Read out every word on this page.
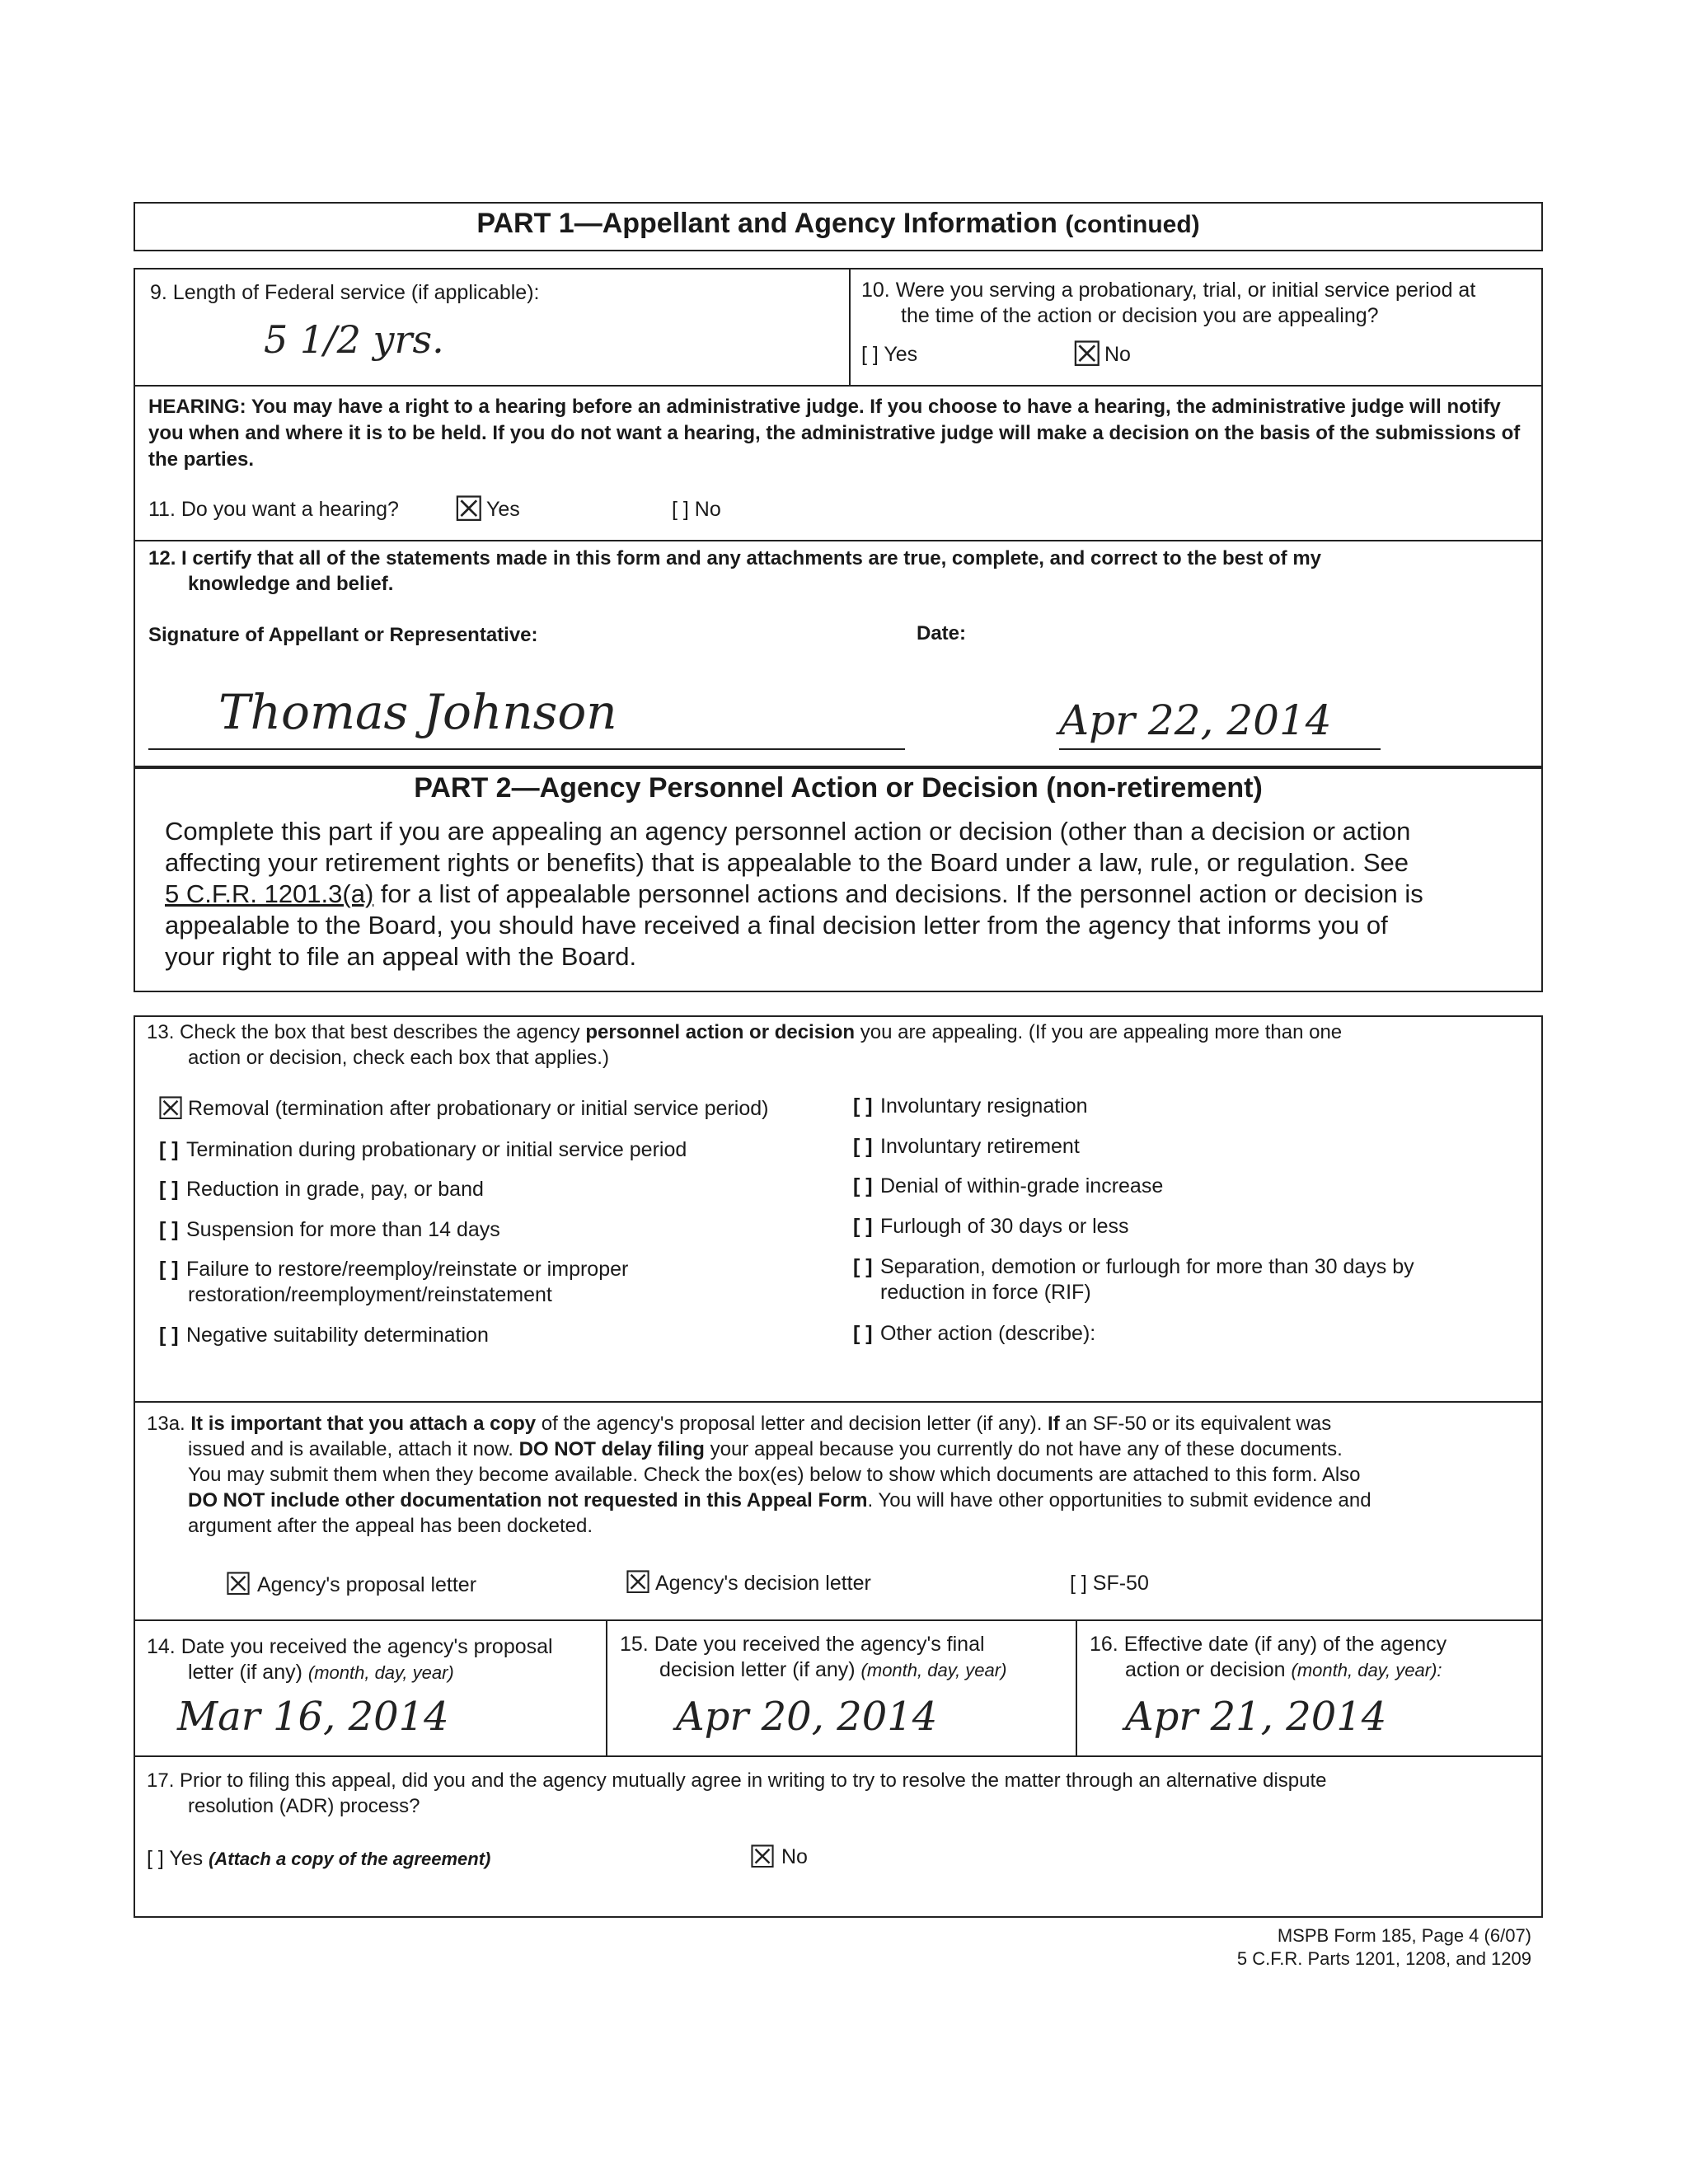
PART 1—Appellant and Agency Information (continued)
9. Length of Federal service (if applicable):
5 1/2 yrs.
10. Were you serving a probationary, trial, or initial service period at
the time of the action or decision you are appealing?
[ ] Yes	☒ No
HEARING: You may have a right to a hearing before an administrative judge. If you choose to have a hearing, the administrative judge will notify you when and where it is to be held. If you do not want a hearing, the administrative judge will make a decision on the basis of the submissions of the parties.
11. Do you want a hearing? ☒ Yes	[ ] No
12. I certify that all of the statements made in this form and any attachments are true, complete, and correct to the best of my
knowledge and belief.
Signature of Appellant or Representative:	Date:
Thomas Johnson	Apr 22, 2014
PART 2—Agency Personnel Action or Decision (non-retirement)
Complete this part if you are appealing an agency personnel action or decision (other than a decision or action
affecting your retirement rights or benefits) that is appealable to the Board under a law, rule, or regulation. See
5 C.F.R. 1201.3(a) for a list of appealable personnel actions and decisions. If the personnel action or decision is
appealable to the Board, you should have received a final decision letter from the agency that informs you of
your right to file an appeal with the Board.
13. Check the box that best describes the agency personnel action or decision you are appealing. (If you are appealing more than one
action or decision, check each box that applies.)
☒ Removal (termination after probationary or initial service period)
[ ] Termination during probationary or initial service period
[ ] Reduction in grade, pay, or band
[ ] Suspension for more than 14 days
[ ] Failure to restore/reemploy/reinstate or improper
restoration/reemployment/reinstatement
[ ] Negative suitability determination
[ ] Involuntary resignation
[ ] Involuntary retirement
[ ] Denial of within-grade increase
[ ] Furlough of 30 days or less
[ ] Separation, demotion or furlough for more than 30 days by
reduction in force (RIF)
[ ] Other action (describe):
13a. It is important that you attach a copy of the agency's proposal letter and decision letter (if any). If an SF-50 or its equivalent was
issued and is available, attach it now. DO NOT delay filing your appeal because you currently do not have any of these documents.
You may submit them when they become available. Check the box(es) below to show which documents are attached to this form. Also
DO NOT include other documentation not requested in this Appeal Form. You will have other opportunities to submit evidence and
argument after the appeal has been docketed.
☒ Agency's proposal letter	☒ Agency's decision letter	[ ] SF-50
14. Date you received the agency's proposal
letter (if any) (month, day, year)
Mar 16, 2014
15. Date you received the agency's final
decision letter (if any) (month, day, year)
Apr 20, 2014
16. Effective date (if any) of the agency
action or decision (month, day, year):
Apr 21, 2014
17. Prior to filing this appeal, did you and the agency mutually agree in writing to try to resolve the matter through an alternative dispute
resolution (ADR) process?
[ ] Yes (Attach a copy of the agreement)	☒ No
MSPB Form 185, Page 4 (6/07)
5 C.F.R. Parts 1201, 1208, and 1209
